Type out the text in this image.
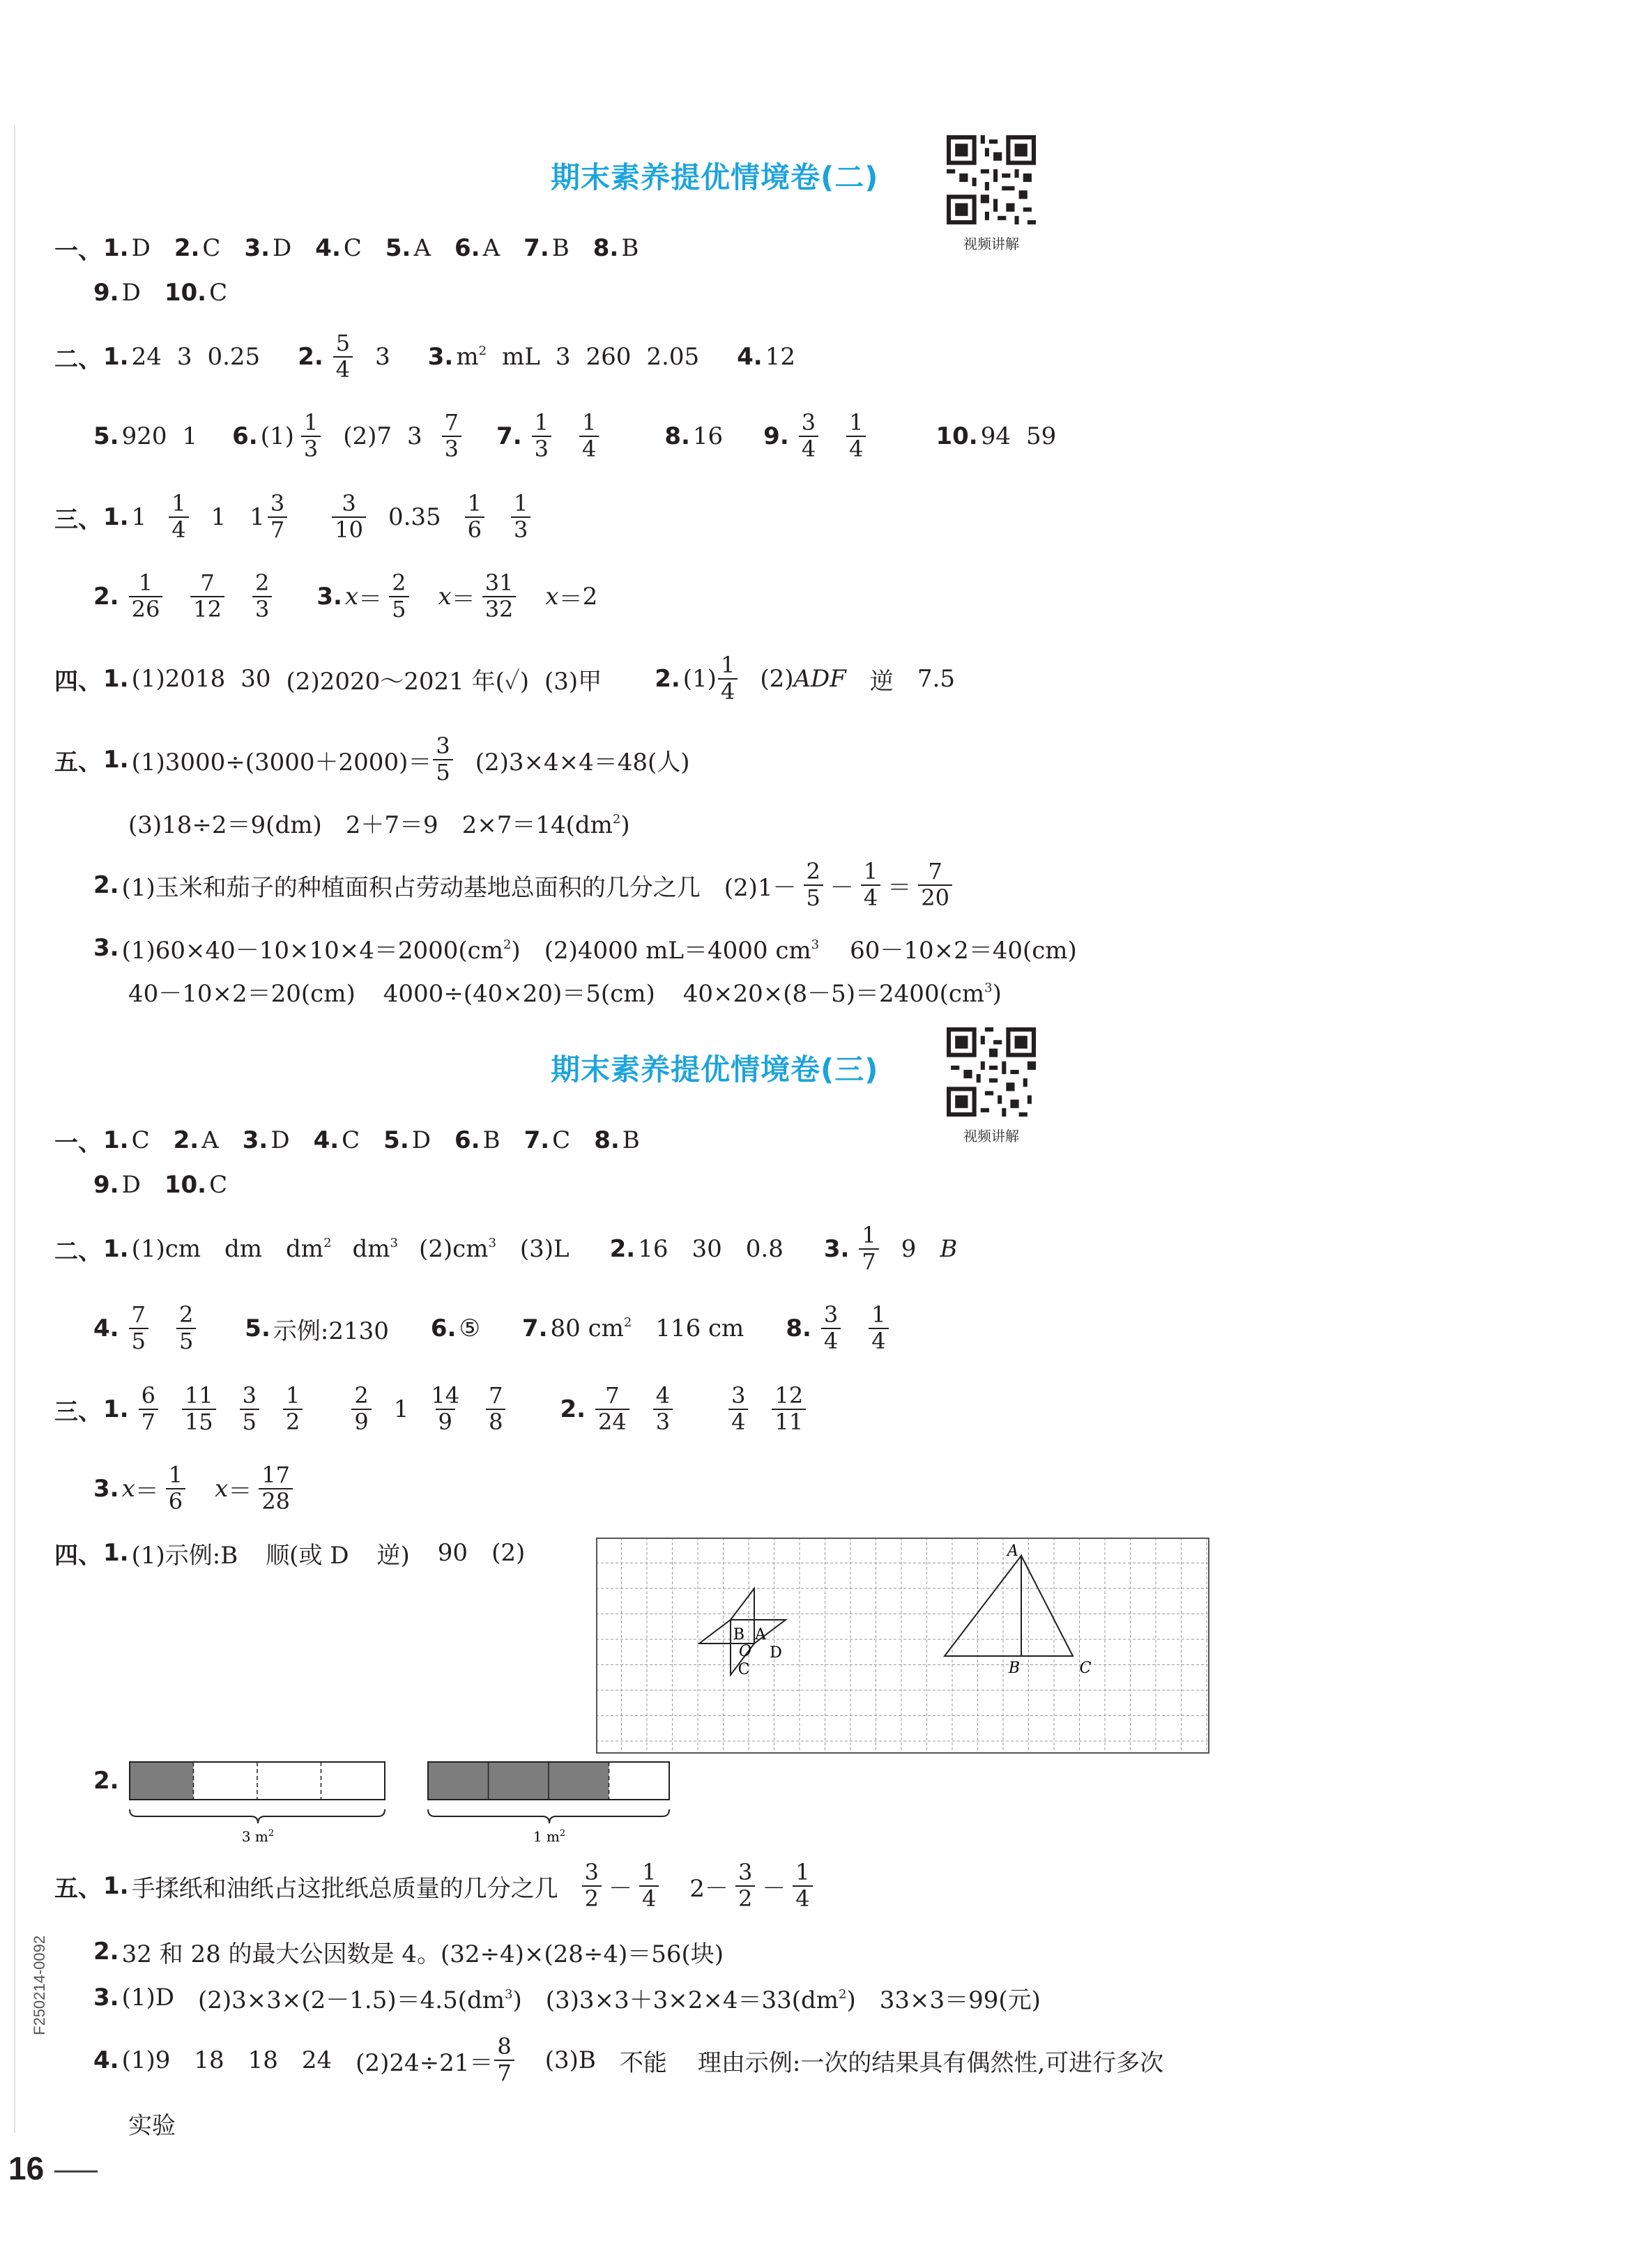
F250214-0092
16
期末素养提优情境卷(二)
视频讲解
一、 1. D 2. C 3. D 4. C 5. A 6. A 7. B 8. B
9. D 10. C
二、 1. 24 3 0.25 2. $\frac{5}{4} 3$ 3. $m^2$ mL 3 260 2.05 4. 12
5. 920 1 6. $(1) \frac{1}{3} (2)7$ $3 \frac{7}{3} 7$. $\frac{1}{3} \frac{1}{4}$	8. 16 9. $\frac{3}{4} \frac{1}{4}$	10. 94 59
三、 1. $1 \frac{1}{4} 1$ $1 \frac{3}{7} \frac{3}{10} 0.35 \frac{1}{6} \frac{1}{3}$
2. $\frac{1}{26} \frac{7}{12} \frac{2}{3} 3$. $x = \frac{2}{5}$ $x = \frac{31}{32}$ x ＝ 2
四、 1. (1)2018 30 (2)2020～2021 年(✓) (3)甲 2. $(1) \frac{1}{4} (2)$ ADF 逆 7.5
五、 1. $(1)3000\div(3000+2000)= \frac{3}{5} (2)3\times 4\times 4=48$(人)
(3)18÷2＝9(dm) 2＋7＝9 $2\times 7=14(dm^2)$
2. (1)玉米和茄子的种植面积占劳动基地总面积的几分之几 $(2)1- \frac{2}{5} - \frac{1}{4} = \frac{7}{20}$
3. $(1)60\times 40-10\times 10\times 4=2000(cm^2)$ (2)4000 mL＝4000 $cm^3$ 60－10×2＝40(cm)
40－10×2＝20(cm) 4000÷(40×20)＝5(cm) $40\times 20\times(8-5)=2400(cm^3)$
期末素养提优情境卷(三)
视频讲解
一、 1. C 2. A 3. D 4. C 5. D 6. B 7. C 8. B
9. D 10. C
二、 1. (1)cm dm $dm^2$ $dm^3$ $(2)cm^3$ (3)L 2. 16 30 0.8 3. $\frac{1}{7} 9$ B
4. $\frac{7}{5} \frac{2}{5} 5$. 示例:2130 6. ⑤ 7. 80 $cm^2$ 116 cm 8. $\frac{3}{4} \frac{1}{4}$
三、 1. $\frac{6}{7} \frac{11}{15} \frac{3}{5} \frac{1}{2} \frac{2}{9} 1 \frac{14}{9} \frac{7}{8} 2$. $\frac{7}{24} \frac{4}{3}$	$\frac{3}{4} \frac{12}{11}$
3. $x = \frac{1}{6}$ $x = \frac{17}{28}$
四、 1. (1)示例:B 顺(或 D 逆) 90 (2)
B A
O D
C
A
B	C
2.
3 $m^2$	1 $m^2$
五、 1. 手揉纸和油纸占这批纸总质量的几分之几 $\frac{3}{2} - \frac{1}{4} 2- \frac{3}{2} - \frac{1}{4}$
2. 32 和 28 的最大公因数是 4。(32÷4)×(28÷4)＝56(块)
3. (1)D $(2)3\times 3\times(2-1.5)=4.5(dm^3)$ $(3)3\times 3+3\times 2\times 4=33(dm^2)$ 33×3＝99(元)
4. (1)9 18 18 24 $(2)24\div 21= \frac{8}{7} (3)B$ 不能 理由示例:一次的结果具有偶然性,可进行多次
实验
